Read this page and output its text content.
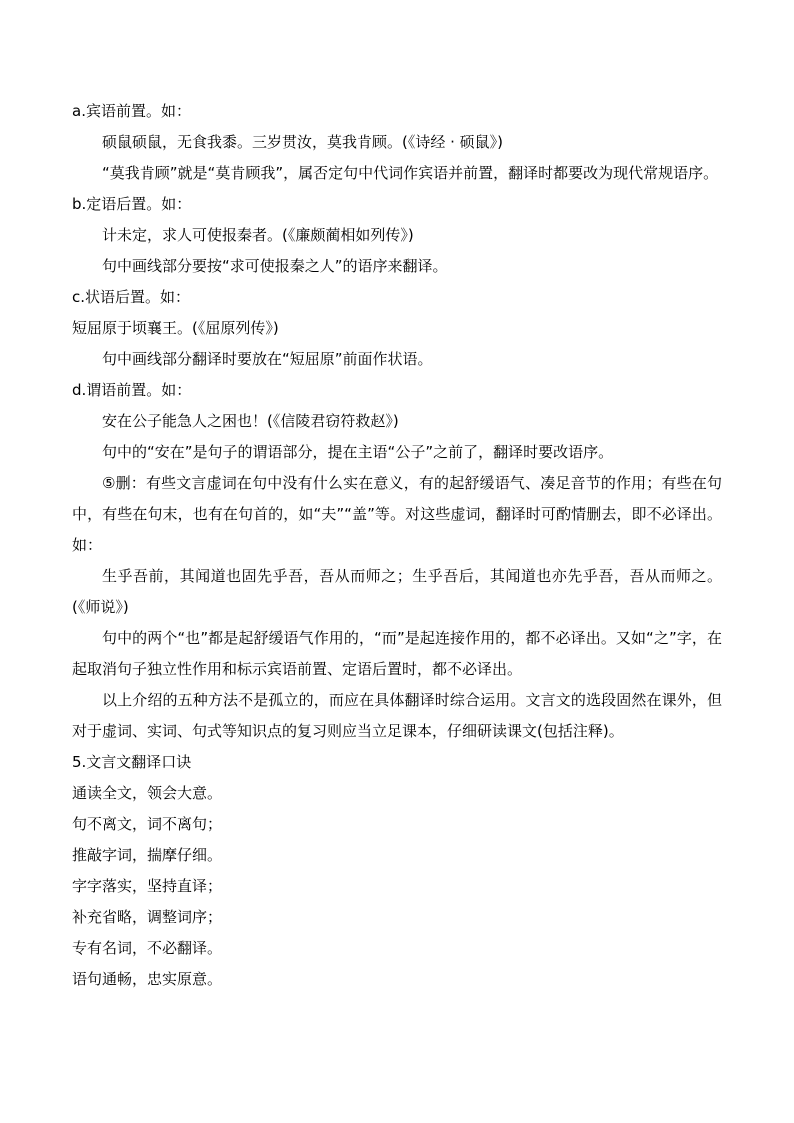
a.宾语前置。如：

硕鼠硕鼠，无食我黍。三岁贯汝，莫我肯顾。(《诗经 · 硕鼠》)

“莫我肯顾”就是“莫肯顾我”，属否定句中代词作宾语并前置，翻译时都要改为现代常规语序。

b.定语后置。如：

计未定，求人可使报秦者。(《廉颇蔺相如列传》)

句中画线部分要按“求可使报秦之人”的语序来翻译。

c.状语后置。如：

短屈原于顷襄王。(《屈原列传》)

句中画线部分翻译时要放在“短屈原”前面作状语。

d.谓语前置。如：

安在公子能急人之困也！(《信陵君窃符救赵》)

句中的“安在”是句子的谓语部分，提在主语“公子”之前了，翻译时要改语序。

⑤删：有些文言虚词在句中没有什么实在意义，有的起舒缓语气、凑足音节的作用；有些在句中，有些在句末，也有在句首的，如“夫”“盖”等。对这些虚词，翻译时可酌情删去，即不必译出。如：

生乎吾前，其闻道也固先乎吾，吾从而师之；生乎吾后，其闻道也亦先乎吾，吾从而师之。(《师说》)

句中的两个“也”都是起舒缓语气作用的，“而”是起连接作用的，都不必译出。又如“之”字，在起取消句子独立性作用和标示宾语前置、定语后置时，都不必译出。

以上介绍的五种方法不是孤立的，而应在具体翻译时综合运用。文言文的选段固然在课外，但对于虚词、实词、句式等知识点的复习则应当立足课本，仔细研读课文(包括注释)。

5.文言文翻译口诀

通读全文，领会大意。

句不离文，词不离句；

推敲字词，揣摩仔细。

字字落实，坚持直译；

补充省略，调整词序；

专有名词，不必翻译。

语句通畅，忠实原意。
